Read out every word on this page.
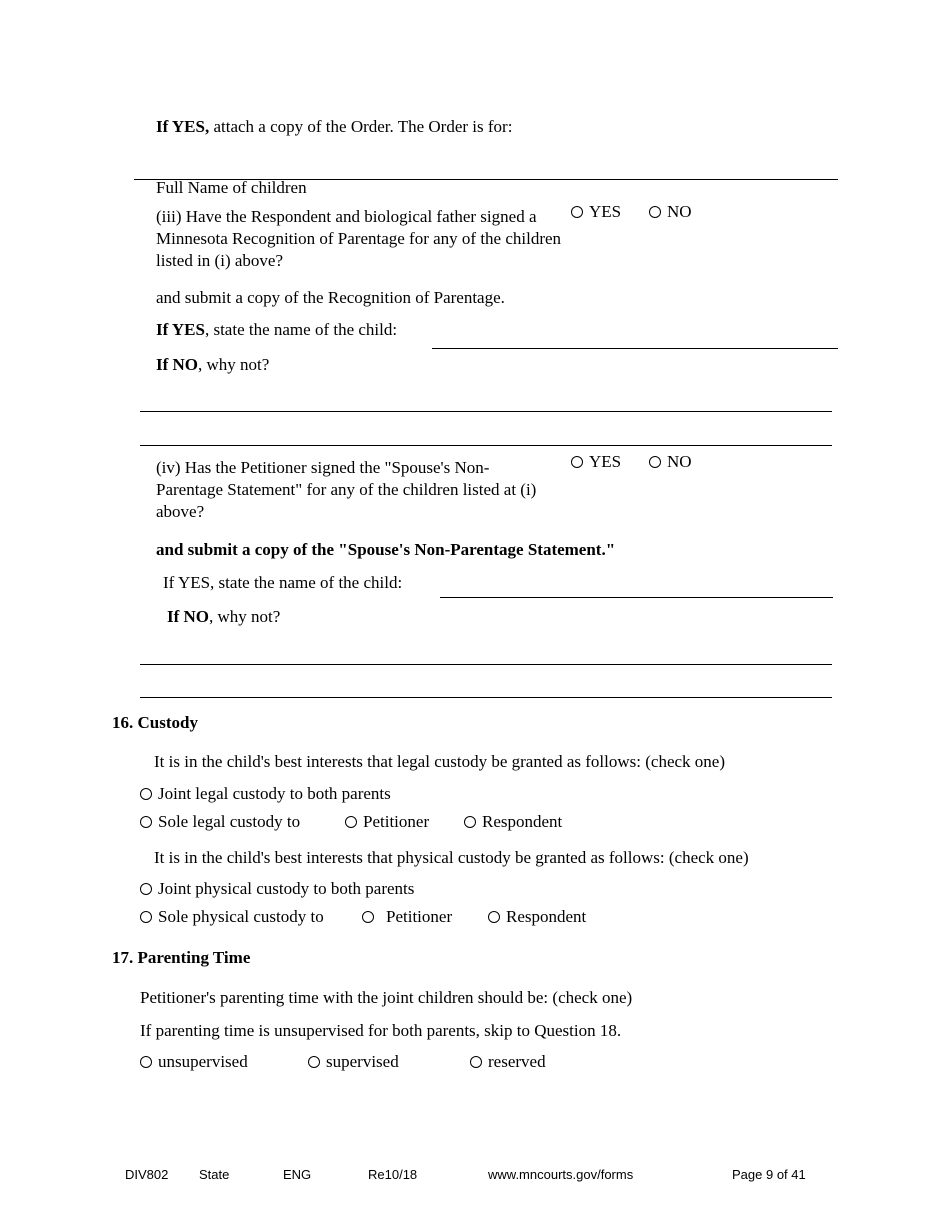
If YES, attach a copy of the Order. The Order is for:
Full Name of children
(iii) Have the Respondent and biological father signed a Minnesota Recognition of Parentage for any of the children listed in (i) above?
YES	NO
and submit a copy of the Recognition of Parentage.
If YES, state the name of the child:
If NO, why not?
(iv) Has the Petitioner signed the "Spouse's Non-Parentage Statement" for any of the children listed at (i) above?
YES	NO
and submit a copy of the "Spouse's Non-Parentage Statement."
If YES, state the name of the child:
If NO, why not?
16. Custody
It is in the child's best interests that legal custody be granted as follows: (check one)
Joint legal custody to both parents
Sole legal custody to	Petitioner	Respondent
It is in the child's best interests that physical custody be granted as follows: (check one)
Joint physical custody to both parents
Sole physical custody to	Petitioner	Respondent
17. Parenting Time
Petitioner's parenting time with the joint children should be: (check one)
If parenting time is unsupervised for both parents, skip to Question 18.
unsupervised	supervised	reserved
DIV802 State	ENG	Re10/18	www.mncourts.gov/forms	Page 9 of 41
